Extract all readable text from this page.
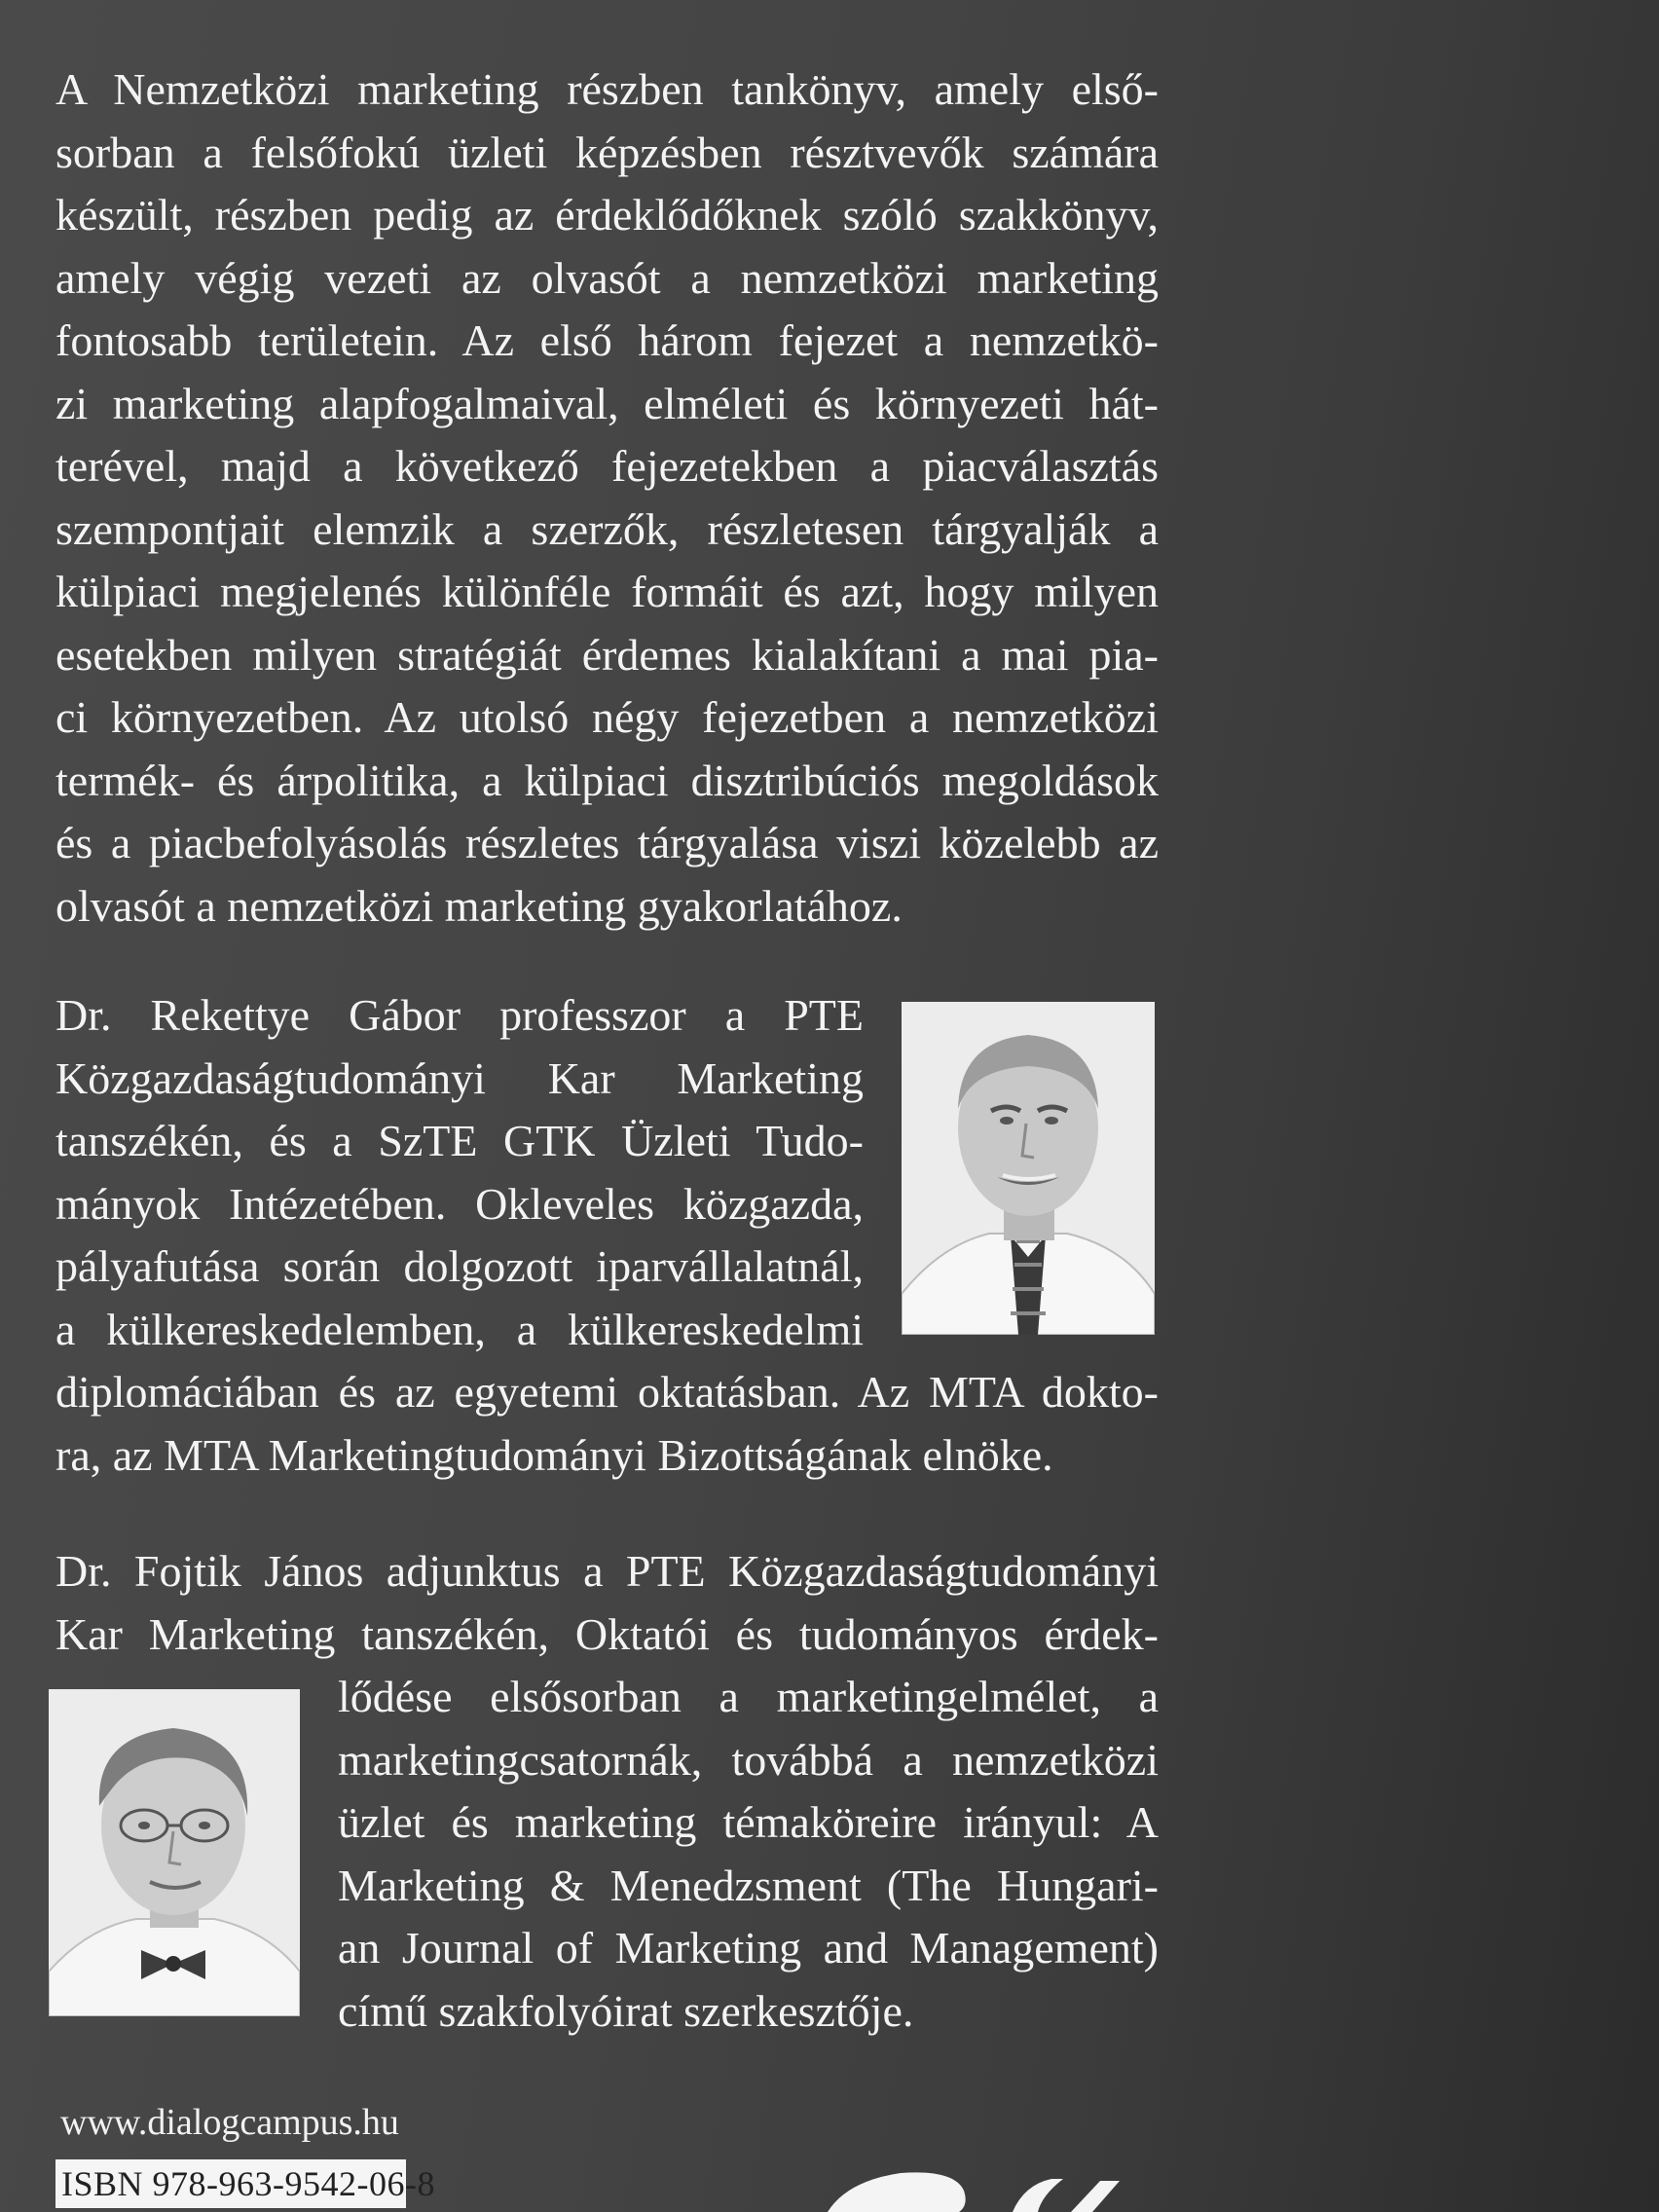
A Nemzetközi marketing részben tankönyv, amely első-
sorban a felsőfokú üzleti képzésben résztvevők számára
készült, részben pedig az érdeklődőknek szóló szakkönyv,
amely végig vezeti az olvasót a nemzetközi marketing
fontosabb területein. Az első három fejezet a nemzetkö-
zi marketing alapfogalmaival, elméleti és környezeti hát-
terével, majd a következő fejezetekben a piacválasztás
szempontjait elemzik a szerzők, részletesen tárgyalják a
külpiaci megjelenés különféle formáit és azt, hogy milyen
esetekben milyen stratégiát érdemes kialakítani a mai pia-
ci környezetben. Az utolsó négy fejezetben a nemzetközi
termék- és árpolitika, a külpiaci disztribúciós megoldások
és a piacbefolyásolás részletes tárgyalása viszi közelebb az
olvasót a nemzetközi marketing gyakorlatához.
Dr. Rekettye Gábor professzor a PTE
Közgazdaságtudományi Kar Marketing
tanszékén, és a SzTE GTK Üzleti Tudo-
mányok Intézetében. Okleveles közgazda,
pályafutása során dolgozott iparvállalatnál,
a külkereskedelemben, a külkereskedelmi
diplomáciában és az egyetemi oktatásban. Az MTA dokto-
ra, az MTA Marketingtudományi Bizottságának elnöke.
Dr. Fojtik János adjunktus a PTE Közgazdaságtudományi
Kar Marketing tanszékén, Oktatói és tudományos érdek-
lődése elsősorban a marketingelmélet, a
marketingcsatornák, továbbá a nemzetközi
üzlet és marketing témaköreire irányul: A
Marketing & Menedzsment (The Hungari-
an Journal of Marketing and Management)
című szakfolyóirat szerkesztője.
www.dialogcampus.hu
ISBN 978-963-9542-06-8
